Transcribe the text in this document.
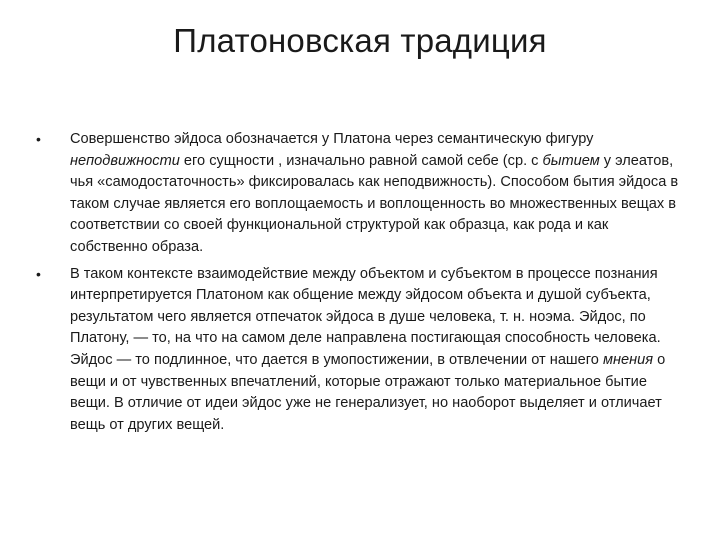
Платоновская традиция
•	Совершенство эйдоса обозначается у Платона через семантическую фигуру неподвижности его сущности , изначально равной самой себе (ср. с бытием у элеатов, чья «самодостаточность» фиксировалась как неподвижность). Способом бытия эйдоса в таком случае является его воплощаемость и воплощенность во множественных вещах в соответствии со своей функциональной структурой как образца, как рода и как собственно образа.
•	В таком контексте взаимодействие между объектом и субъектом в процессе познания интерпретируется Платоном как общение между эйдосом объекта и душой субъекта, результатом чего является отпечаток эйдоса в душе человека, т. н. ноэма. Эйдос, по Платону, — то, на что на самом деле направлена постигающая способность человека. Эйдос — то подлинное, что дается в умопостижении, в отвлечении от нашего мнения о вещи и от чувственных впечатлений, которые отражают только материальное бытие вещи. В отличие от идеи эйдос уже не генерализует, но наоборот выделяет и отличает вещь от других вещей.
